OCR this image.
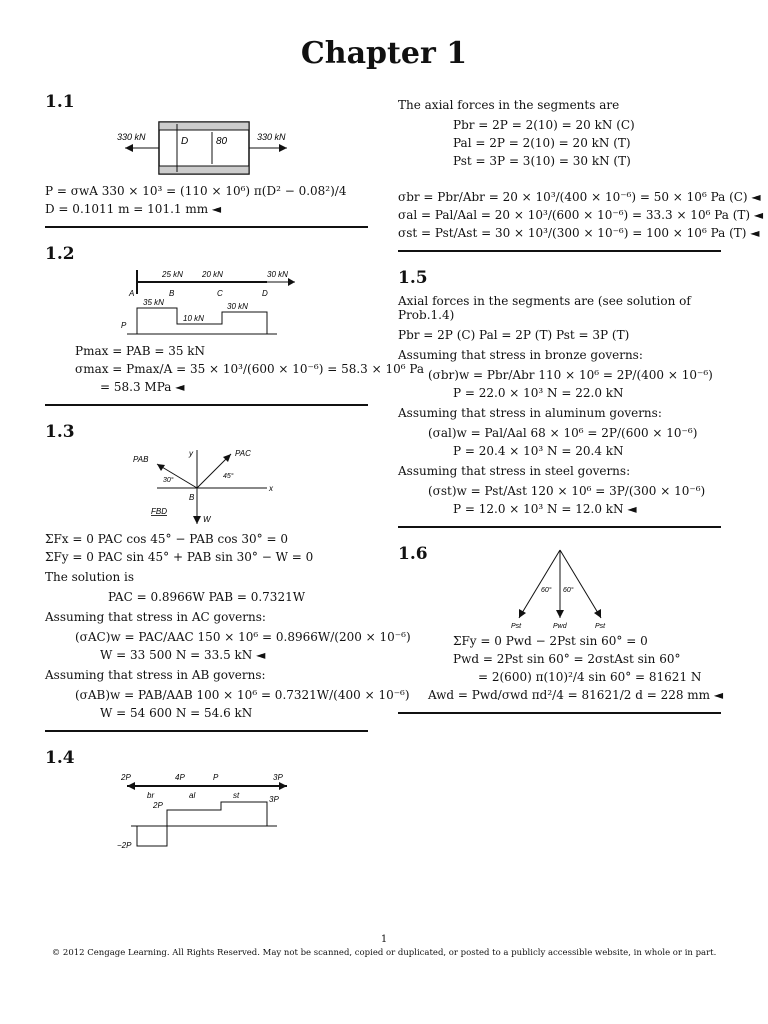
Chapter 1
1.1
330 kN	330 kN
D	80
P = σwA 330 × 10³ = (110 × 10⁶) π(D² − 0.08²)/4
D = 0.1011 m = 101.1 mm ◄
1.2
25 kN 20 kN	30 kN
A	B	C	D
P
35 kN
10 kN
30 kN
Pmax = PAB = 35 kN
σmax = Pmax/A = 35 × 10³/(600 × 10⁻⁶) = 58.3 × 10⁶ Pa
= 58.3 MPa ◄
1.3
PAB
PAC
y
x
30°
45°
B
W
FBD
ΣFx = 0 PAC cos 45° − PAB cos 30° = 0
ΣFy = 0 PAC sin 45° + PAB sin 30° − W = 0
The solution is
PAC = 0.8966W PAB = 0.7321W
Assuming that stress in AC governs:
(σAC)w = PAC/AAC 150 × 10⁶ = 0.8966W/(200 × 10⁻⁶)
W = 33 500 N = 33.5 kN ◄
Assuming that stress in AB governs:
(σAB)w = PAB/AAB 100 × 10⁶ = 0.7321W/(400 × 10⁻⁶)
W = 54 600 N = 54.6 kN
1.4
2P	4P	P	3P
br	al	st
2P
3P
−2P
The axial forces in the segments are
Pbr = 2P = 2(10) = 20 kN (C)
Pal = 2P = 2(10) = 20 kN (T)
Pst = 3P = 3(10) = 30 kN (T)
σbr = Pbr/Abr = 20 × 10³/(400 × 10⁻⁶) = 50 × 10⁶ Pa (C) ◄
σal = Pal/Aal = 20 × 10³/(600 × 10⁻⁶) = 33.3 × 10⁶ Pa (T) ◄
σst = Pst/Ast = 30 × 10³/(300 × 10⁻⁶) = 100 × 10⁶ Pa (T) ◄
1.5
Axial forces in the segments are (see solution of Prob.1.4)
Pbr = 2P (C) Pal = 2P (T) Pst = 3P (T)
Assuming that stress in bronze governs:
(σbr)w = Pbr/Abr 110 × 10⁶ = 2P/(400 × 10⁻⁶)
P = 22.0 × 10³ N = 22.0 kN
Assuming that stress in aluminum governs:
(σal)w = Pal/Aal 68 × 10⁶ = 2P/(600 × 10⁻⁶)
P = 20.4 × 10³ N = 20.4 kN
Assuming that stress in steel governs:
(σst)w = Pst/Ast 120 × 10⁶ = 3P/(300 × 10⁻⁶)
P = 12.0 × 10³ N = 12.0 kN ◄
1.6
60° 60°
Pst	Pwd	Pst
ΣFy = 0 Pwd − 2Pst sin 60° = 0
Pwd = 2Pst sin 60° = 2σstAst sin 60°
= 2(600) π(10)²/4 sin 60° = 81621 N
Awd = Pwd/σwd πd²/4 = 81621/2 d = 228 mm ◄
1
© 2012 Cengage Learning. All Rights Reserved. May not be scanned, copied or duplicated, or posted to a publicly accessible website, in whole or in part.
